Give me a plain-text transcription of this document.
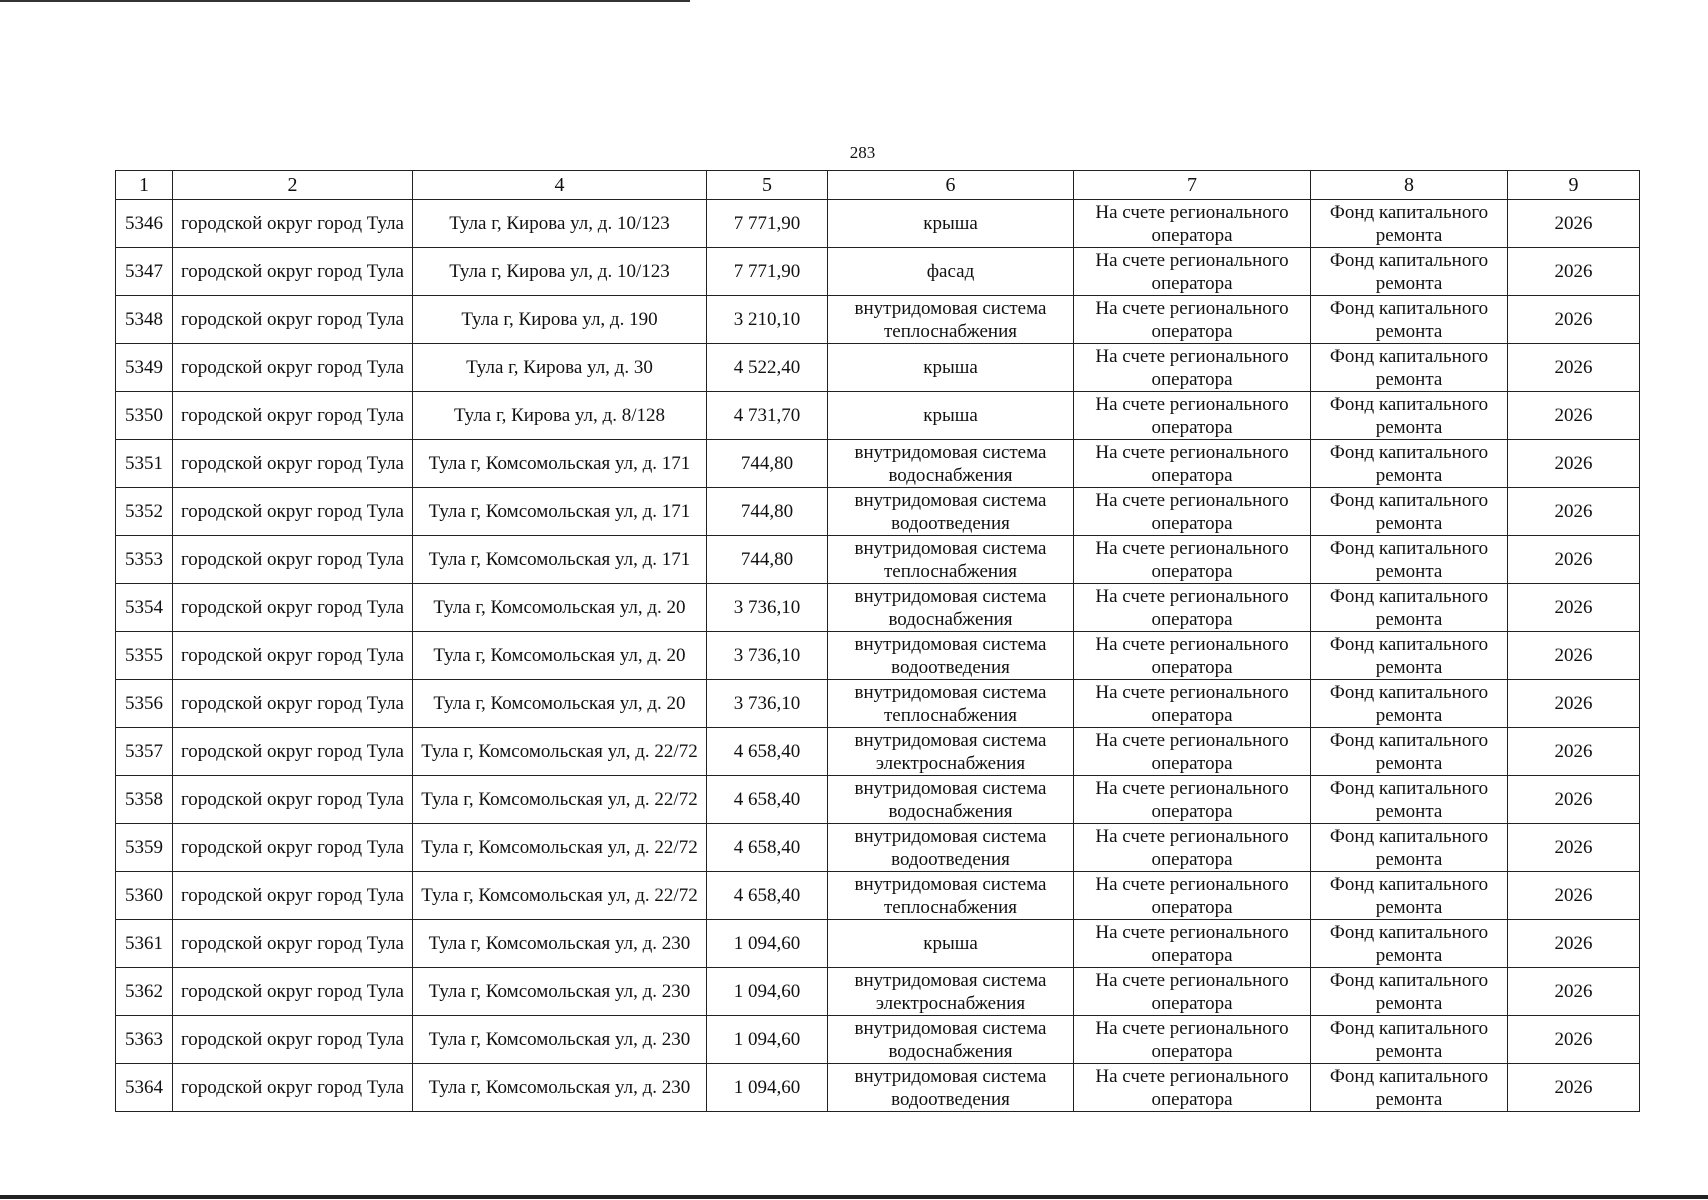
283
1	2	4	5	6	7	8	9
5346	городской округ город Тула	Тула г, Кирова ул, д. 10/123	7 771,90	крыша	На счете регионального оператора	Фонд капитального ремонта	2026
5347	городской округ город Тула	Тула г, Кирова ул, д. 10/123	7 771,90	фасад	На счете регионального оператора	Фонд капитального ремонта	2026
5348	городской округ город Тула	Тула г, Кирова ул, д. 190	3 210,10	внутридомовая система теплоснабжения	На счете регионального оператора	Фонд капитального ремонта	2026
5349	городской округ город Тула	Тула г, Кирова ул, д. 30	4 522,40	крыша	На счете регионального оператора	Фонд капитального ремонта	2026
5350	городской округ город Тула	Тула г, Кирова ул, д. 8/128	4 731,70	крыша	На счете регионального оператора	Фонд капитального ремонта	2026
5351	городской округ город Тула	Тула г, Комсомольская ул, д. 171	744,80	внутридомовая система водоснабжения	На счете регионального оператора	Фонд капитального ремонта	2026
5352	городской округ город Тула	Тула г, Комсомольская ул, д. 171	744,80	внутридомовая система водоотведения	На счете регионального оператора	Фонд капитального ремонта	2026
5353	городской округ город Тула	Тула г, Комсомольская ул, д. 171	744,80	внутридомовая система теплоснабжения	На счете регионального оператора	Фонд капитального ремонта	2026
5354	городской округ город Тула	Тула г, Комсомольская ул, д. 20	3 736,10	внутридомовая система водоснабжения	На счете регионального оператора	Фонд капитального ремонта	2026
5355	городской округ город Тула	Тула г, Комсомольская ул, д. 20	3 736,10	внутридомовая система водоотведения	На счете регионального оператора	Фонд капитального ремонта	2026
5356	городской округ город Тула	Тула г, Комсомольская ул, д. 20	3 736,10	внутридомовая система теплоснабжения	На счете регионального оператора	Фонд капитального ремонта	2026
5357	городской округ город Тула	Тула г, Комсомольская ул, д. 22/72	4 658,40	внутридомовая система электроснабжения	На счете регионального оператора	Фонд капитального ремонта	2026
5358	городской округ город Тула	Тула г, Комсомольская ул, д. 22/72	4 658,40	внутридомовая система водоснабжения	На счете регионального оператора	Фонд капитального ремонта	2026
5359	городской округ город Тула	Тула г, Комсомольская ул, д. 22/72	4 658,40	внутридомовая система водоотведения	На счете регионального оператора	Фонд капитального ремонта	2026
5360	городской округ город Тула	Тула г, Комсомольская ул, д. 22/72	4 658,40	внутридомовая система теплоснабжения	На счете регионального оператора	Фонд капитального ремонта	2026
5361	городской округ город Тула	Тула г, Комсомольская ул, д. 230	1 094,60	крыша	На счете регионального оператора	Фонд капитального ремонта	2026
5362	городской округ город Тула	Тула г, Комсомольская ул, д. 230	1 094,60	внутридомовая система электроснабжения	На счете регионального оператора	Фонд капитального ремонта	2026
5363	городской округ город Тула	Тула г, Комсомольская ул, д. 230	1 094,60	внутридомовая система водоснабжения	На счете регионального оператора	Фонд капитального ремонта	2026
5364	городской округ город Тула	Тула г, Комсомольская ул, д. 230	1 094,60	внутридомовая система водоотведения	На счете регионального оператора	Фонд капитального ремонта	2026
